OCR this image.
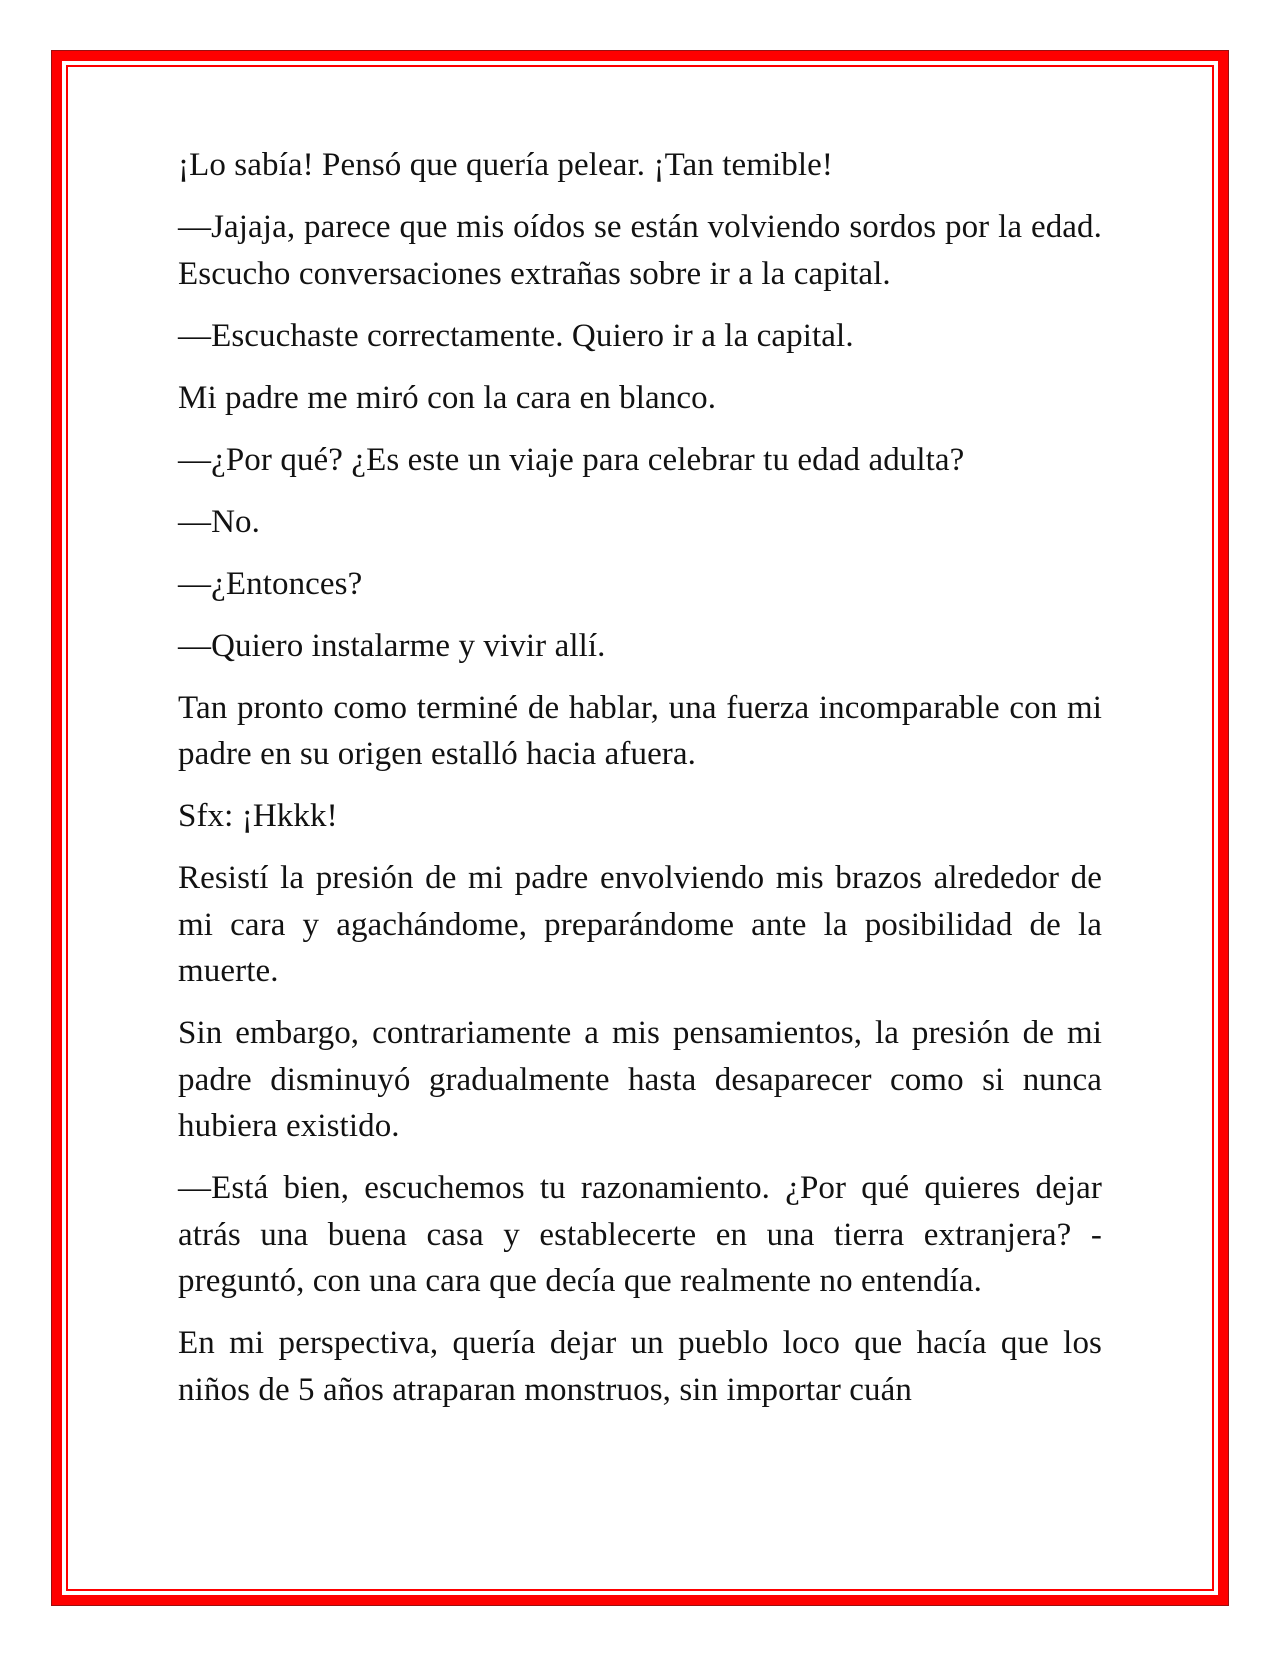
¡Lo sabía! Pensó que quería pelear. ¡Tan temible!

—Jajaja, parece que mis oídos se están volviendo sordos por la edad. Escucho conversaciones extrañas sobre ir a la capital.

—Escuchaste correctamente. Quiero ir a la capital.

Mi padre me miró con la cara en blanco.

—¿Por qué? ¿Es este un viaje para celebrar tu edad adulta?

—No.

—¿Entonces?

—Quiero instalarme y vivir allí.

Tan pronto como terminé de hablar, una fuerza incomparable con mi padre en su origen estalló hacia afuera.

Sfx: ¡Hkkk!

Resistí la presión de mi padre envolviendo mis brazos alrededor de mi cara y agachándome, preparándome ante la posibilidad de la muerte.

Sin embargo, contrariamente a mis pensamientos, la presión de mi padre disminuyó gradualmente hasta desaparecer como si nunca hubiera existido.

—Está bien, escuchemos tu razonamiento. ¿Por qué quieres dejar atrás una buena casa y establecerte en una tierra extranjera? - preguntó, con una cara que decía que realmente no entendía.

En mi perspectiva, quería dejar un pueblo loco que hacía que los niños de 5 años atraparan monstruos, sin importar cuán
